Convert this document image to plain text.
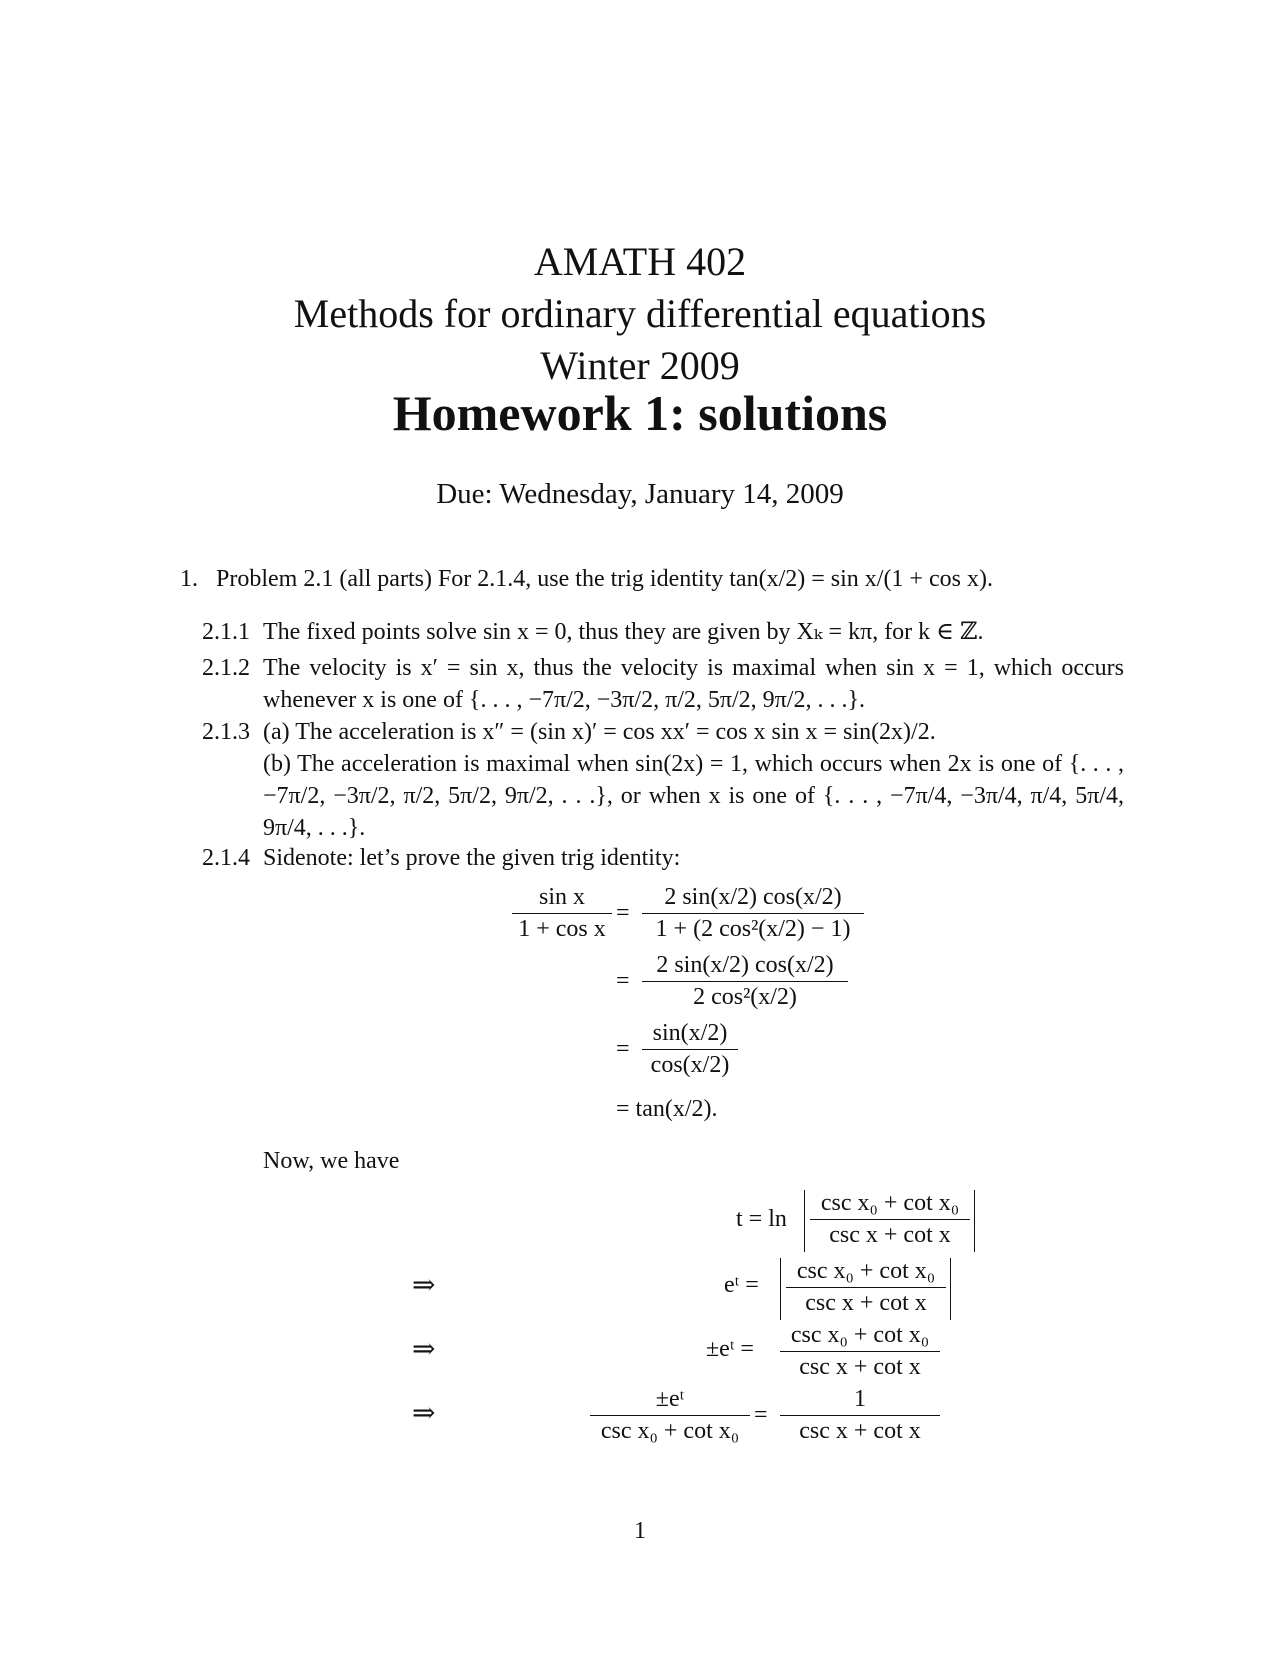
AMATH 402
Methods for ordinary differential equations
Winter 2009
Homework 1: solutions
Due: Wednesday, January 14, 2009
1. Problem 2.1 (all parts) For 2.1.4, use the trig identity tan(x/2) = sin x/(1 + cos x).
2.1.1 The fixed points solve sin x = 0, thus they are given by Xₖ = kπ, for k ∈ ℤ.

2.1.2 The velocity is x′ = sin x, thus the velocity is maximal when sin x = 1, which occurs whenever x is one of {. . . , −7π/2, −3π/2, π/2, 5π/2, 9π/2, . . .}.

2.1.3 (a) The acceleration is x″ = (sin x)′ = cos xx′ = cos x sin x = sin(2x)/2.

(b) The acceleration is maximal when sin(2x) = 1, which occurs when 2x is one of {. . . , −7π/2, −3π/2, π/2, 5π/2, 9π/2, . . .}, or when x is one of {. . . , −7π/4, −3π/4, π/4, 5π/4, 9π/4, . . .}.

2.1.4 Sidenote: let’s prove the given trig identity:

sin x
1 + cos x
=
2 sin(x/2) cos(x/2)
1 + (2 cos²(x/2) − 1)
=
2 sin(x/2) cos(x/2)
2 cos²(x/2)
=
sin(x/2)
cos(x/2)
= tan(x/2).
Now, we have
t = ln
csc x₀ + cot x₀
csc x + cot x
⇒	eᵗ =
csc x₀ + cot x₀
csc x + cot x
⇒	±eᵗ =
csc x₀ + cot x₀
csc x + cot x
⇒	±eᵗ
csc x₀ + cot x₀
=
1
csc x + cot x
1
